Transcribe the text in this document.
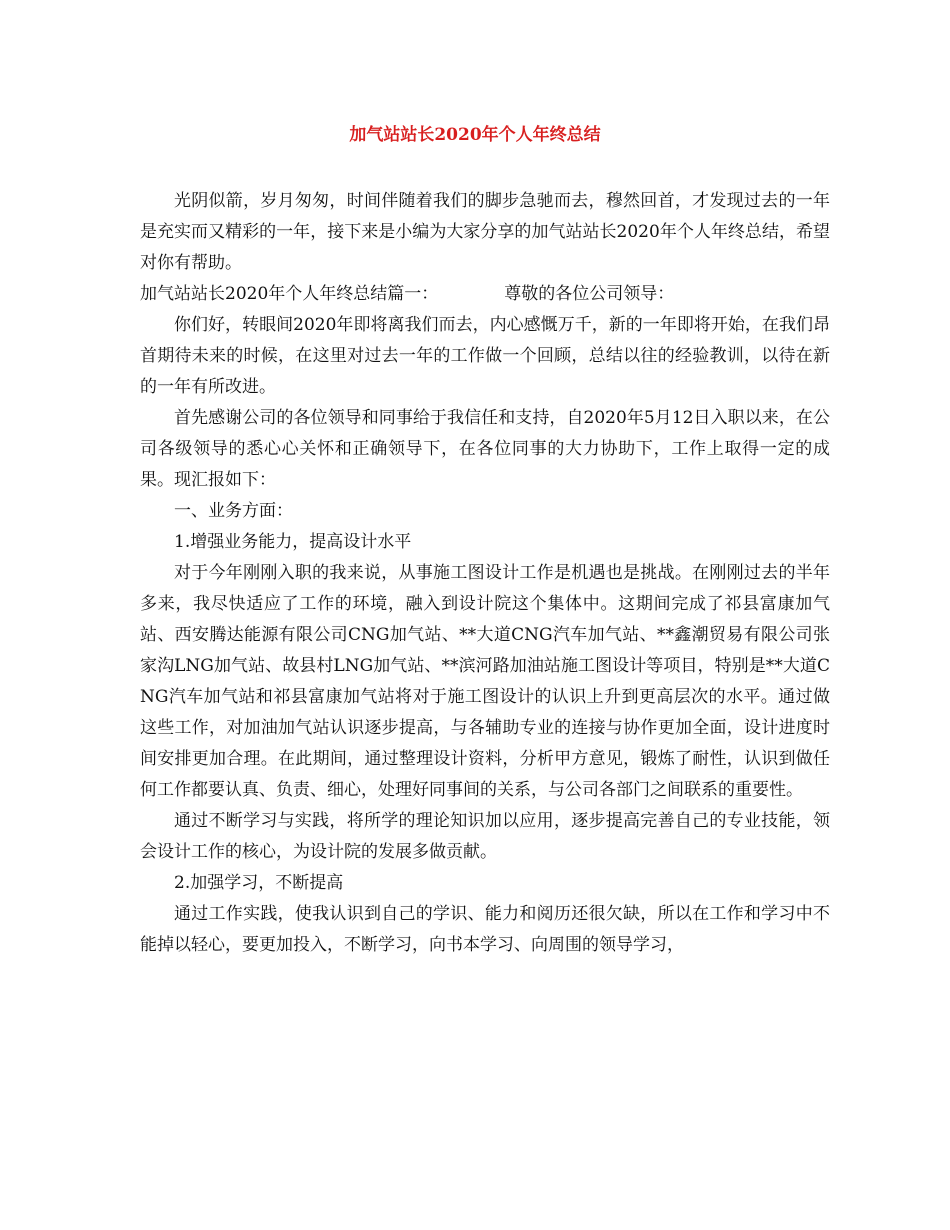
加气站站长2020年个人年终总结

光阴似箭，岁月匆匆，时间伴随着我们的脚步急驰而去，穆然回首，才发现过去的一年是充实而又精彩的一年，接下来是小编为大家分享的加气站站长2020年个人年终总结，希望对你有帮助。

加气站站长2020年个人年终总结篇一：	尊敬的各位公司领导：

你们好，转眼间2020年即将离我们而去，内心感慨万千，新的一年即将开始，在我们昂首期待未来的时候，在这里对过去一年的工作做一个回顾，总结以往的经验教训，以待在新的一年有所改进。

首先感谢公司的各位领导和同事给于我信任和支持，自2020年5月12日入职以来，在公司各级领导的悉心心关怀和正确领导下，在各位同事的大力协助下，工作上取得一定的成果。现汇报如下：

一、业务方面：

1.增强业务能力，提高设计水平

对于今年刚刚入职的我来说，从事施工图设计工作是机遇也是挑战。在刚刚过去的半年多来，我尽快适应了工作的环境，融入到设计院这个集体中。这期间完成了祁县富康加气站、西安腾达能源有限公司CNG加气站、**大道CNG汽车加气站、**鑫潮贸易有限公司张家沟LNG加气站、故县村LNG加气站、**滨河路加油站施工图设计等项目，特别是**大道CNG汽车加气站和祁县富康加气站将对于施工图设计的认识上升到更高层次的水平。通过做这些工作，对加油加气站认识逐步提高，与各辅助专业的连接与协作更加全面，设计进度时间安排更加合理。在此期间，通过整理设计资料，分析甲方意见，锻炼了耐性，认识到做任何工作都要认真、负责、细心，处理好同事间的关系，与公司各部门之间联系的重要性。

通过不断学习与实践，将所学的理论知识加以应用，逐步提高完善自己的专业技能，领会设计工作的核心，为设计院的发展多做贡献。

2.加强学习，不断提高

通过工作实践，使我认识到自己的学识、能力和阅历还很欠缺，所以在工作和学习中不能掉以轻心，要更加投入，不断学习，向书本学习、向周围的领导学习，
